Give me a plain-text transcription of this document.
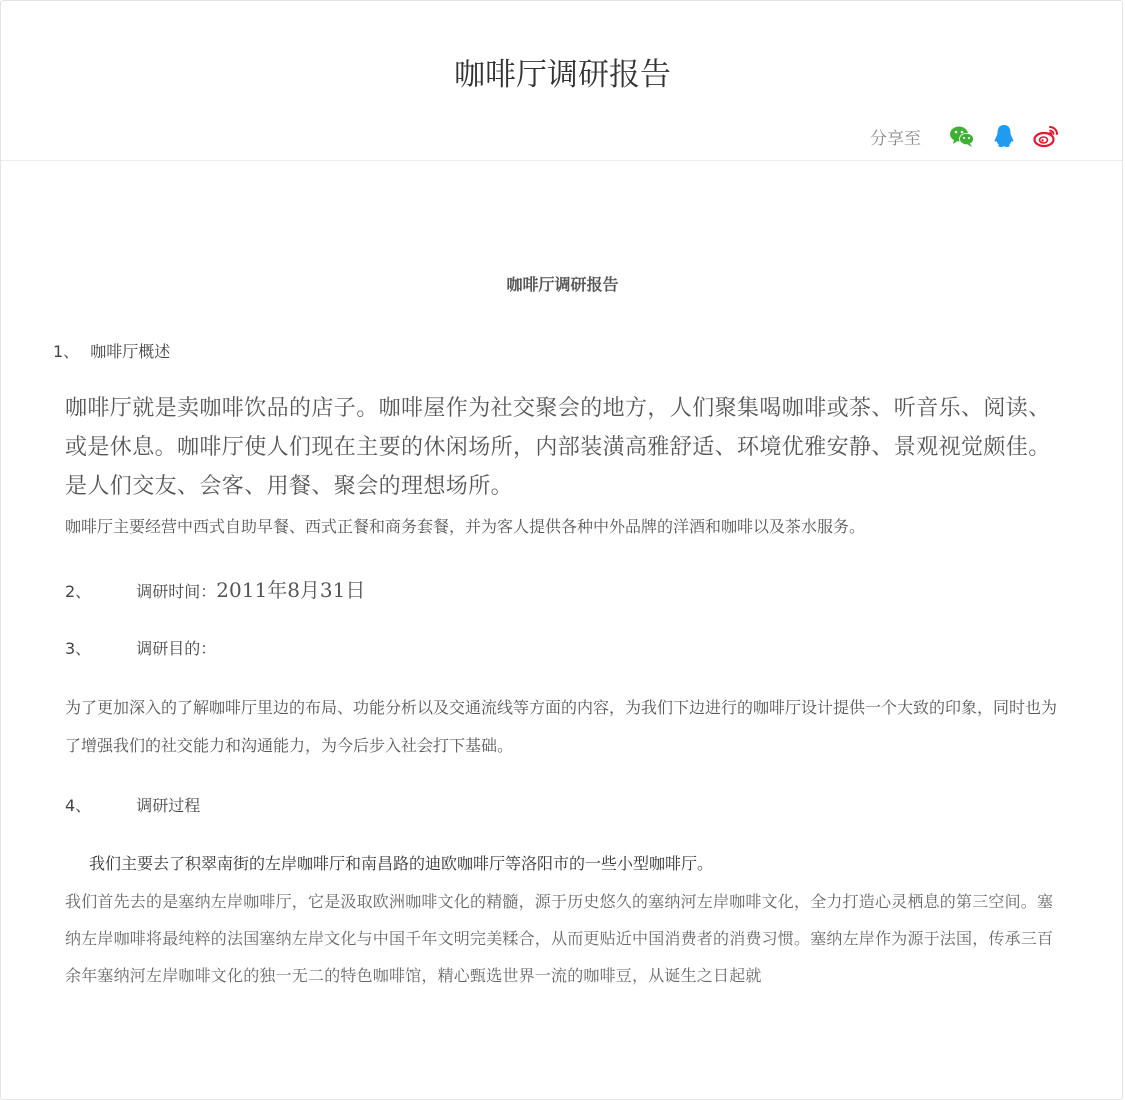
咖啡厅调研报告
分享至
咖啡厅调研报告
1、 咖啡厅概述
咖啡厅就是卖咖啡饮品的店子。咖啡屋作为社交聚会的地方，人们聚集喝咖啡或茶、听音乐、阅读、或是休息。咖啡厅使人们现在主要的休闲场所，内部装潢高雅舒适、环境优雅安静、景观视觉颇佳。是人们交友、会客、用餐、聚会的理想场所。
咖啡厅主要经营中西式自助早餐、西式正餐和商务套餐，并为客人提供各种中外品牌的洋酒和咖啡以及茶水服务。
2、	调研时间：2011年8月31日
3、	调研目的：
为了更加深入的了解咖啡厅里边的布局、功能分析以及交通流线等方面的内容，为我们下边进行的咖啡厅设计提供一个大致的印象，同时也为了增强我们的社交能力和沟通能力，为今后步入社会打下基础。
4、	调研过程
我们主要去了积翠南街的左岸咖啡厅和南昌路的迪欧咖啡厅等洛阳市的一些小型咖啡厅。
我们首先去的是塞纳左岸咖啡厅，它是汲取欧洲咖啡文化的精髓，源于历史悠久的塞纳河左岸咖啡文化，全力打造心灵栖息的第三空间。塞纳左岸咖啡将最纯粹的法国塞纳左岸文化与中国千年文明完美糅合，从而更贴近中国消费者的消费习惯。塞纳左岸作为源于法国，传承三百余年塞纳河左岸咖啡文化的独一无二的特色咖啡馆，精心甄选世界一流的咖啡豆，从诞生之日起就
